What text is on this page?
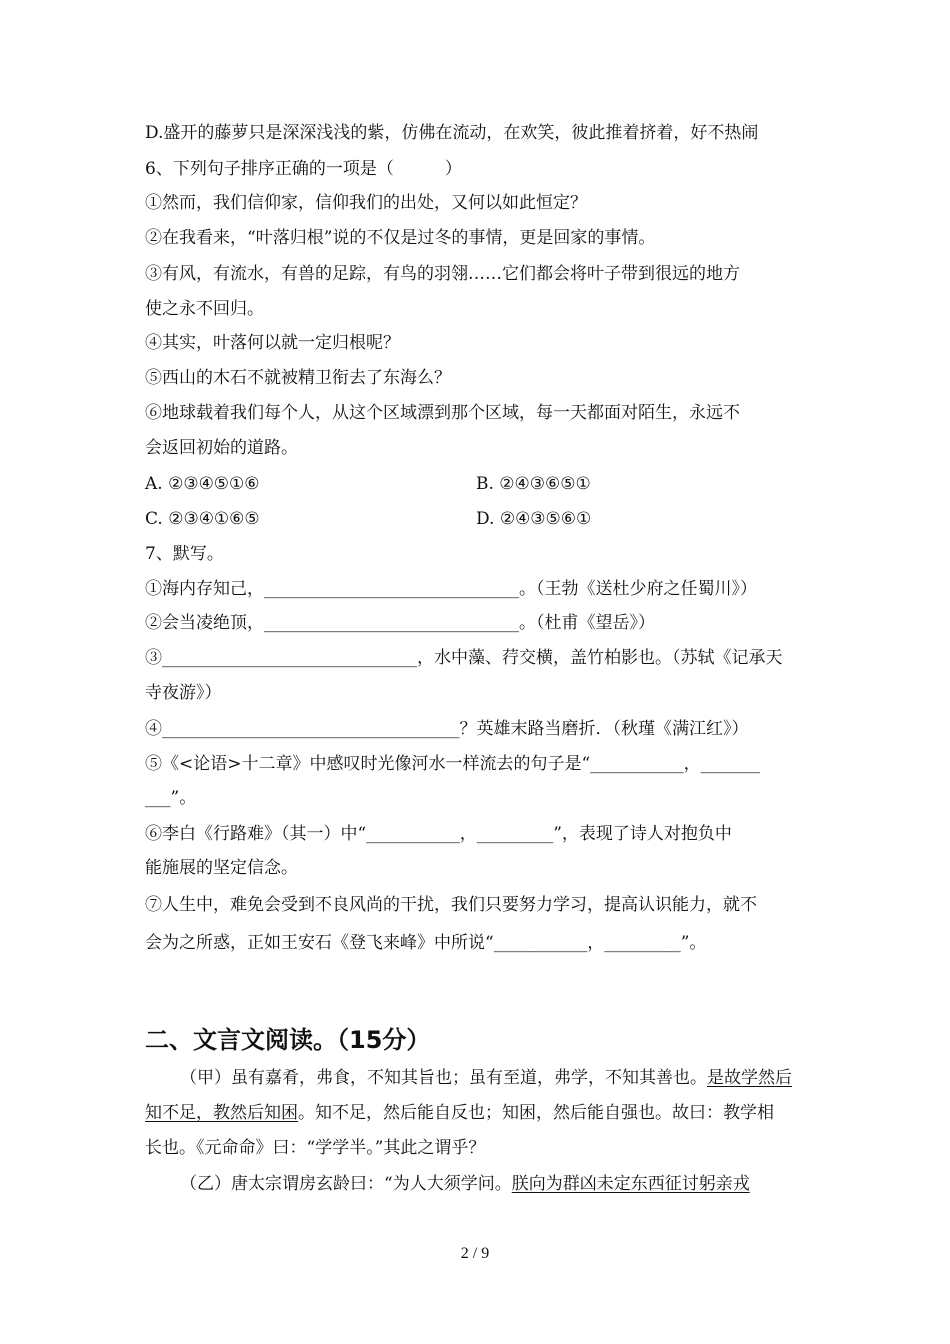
D.盛开的藤萝只是深深浅浅的紫，仿佛在流动，在欢笑，彼此推着挤着，好不热闹
6、下列句子排序正确的一项是（　　　）
①然而，我们信仰家，信仰我们的出处，又何以如此恒定？
②在我看来，“叶落归根”说的不仅是过冬的事情，更是回家的事情。
③有风，有流水，有兽的足踪，有鸟的羽翎……它们都会将叶子带到很远的地方
使之永不回归。
④其实，叶落何以就一定归根呢？
⑤西山的木石不就被精卫衔去了东海么？
⑥地球载着我们每个人，从这个区域漂到那个区域，每一天都面对陌生，永远不
会返回初始的道路。
A. ②③④⑤①⑥	B. ②④③⑥⑤①
C. ②③④①⑥⑤	D. ②④③⑤⑥①
7、默写。
①海内存知己，______________________________。（王勃《送杜少府之任蜀川》）
②会当凌绝顶，______________________________。（杜甫《望岳》）
③______________________________，水中藻、荇交横，盖竹柏影也。（苏轼《记承天
寺夜游》）
④___________________________________？英雄末路当磨折．（秋瑾《满江红》）
⑤《<论语>十二章》中感叹时光像河水一样流去的句子是“___________，_______
___”。
⑥李白《行路难》（其一）中“___________，_________”，表现了诗人对抱负中
能施展的坚定信念。
⑦人生中，难免会受到不良风尚的干扰，我们只要努力学习，提高认识能力，就不
会为之所惑，正如王安石《登飞来峰》中所说“___________，_________”。
二、文言文阅读。（15分）
（甲）虽有嘉肴，弗食，不知其旨也；虽有至道，弗学，不知其善也。是故学然后
知不足，教然后知困。知不足，然后能自反也；知困，然后能自强也。故曰：教学相
长也。《元命命》曰：“学学半。”其此之谓乎？
（乙）唐太宗谓房玄龄曰：“为人大须学问。朕向为群凶未定东西征讨躬亲戎
2 / 9
